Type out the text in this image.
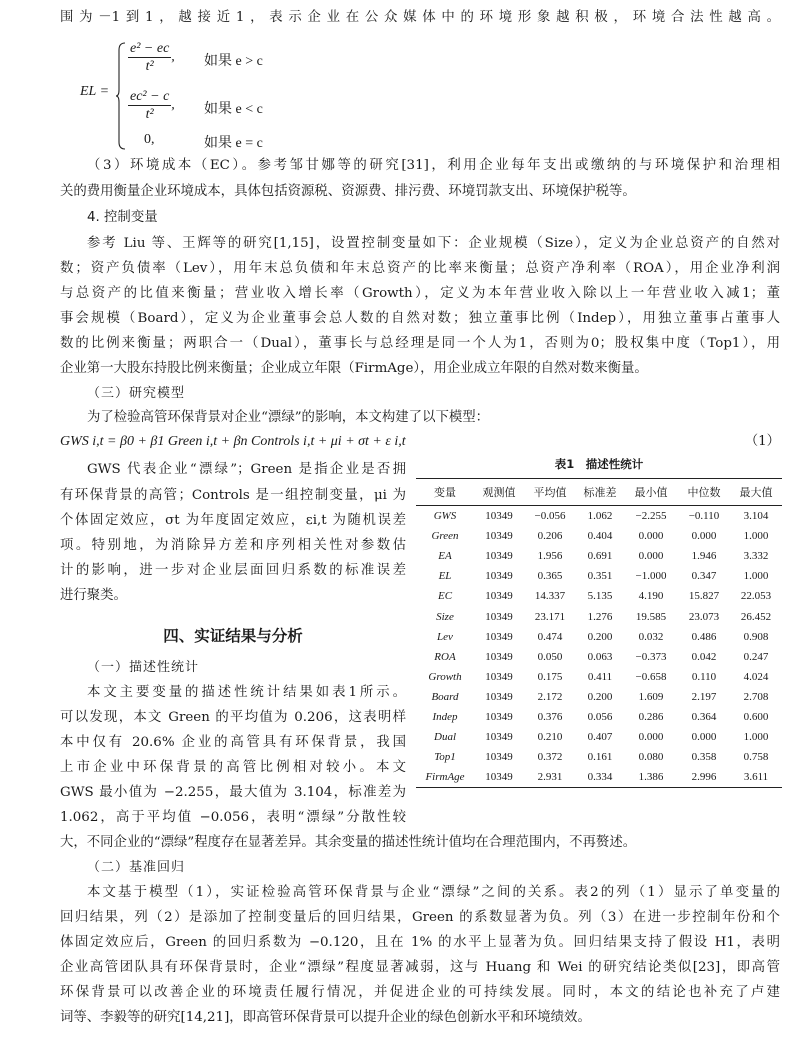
围为－1到1，越接近1，表示企业在公众媒体中的环境形象越积极，环境合法性越高。
EL =
$\frac{\text{e² − ec}}{\text{t²}}$ , 如果 e > c
$\frac{\text{ec² − c}}{\text{t²}}$ , 如果 e < c
0,	如果 e = c
（3）环境成本（EC）。参考邹甘娜等的研究[31]，利用企业每年支出或缴纳的与环境保护和治理相
关的费用衡量企业环境成本，具体包括资源税、资源费、排污费、环境罚款支出、环境保护税等。
4. 控制变量
参考 Liu 等、王辉等的研究[1,15]，设置控制变量如下：企业规模（Size），定义为企业总资产的自然对
数；资产负债率（Lev），用年末总负债和年末总资产的比率来衡量；总资产净利率（ROA），用企业净利润
与总资产的比值来衡量；营业收入增长率（Growth），定义为本年营业收入除以上一年营业收入减1；董
事会规模（Board），定义为企业董事会总人数的自然对数；独立董事比例（Indep），用独立董事占董事人
数的比例来衡量；两职合一（Dual），董事长与总经理是同一个人为1，否则为0；股权集中度（Top1），用
企业第一大股东持股比例来衡量；企业成立年限（FirmAge），用企业成立年限的自然对数来衡量。
（三）研究模型
为了检验高管环保背景对企业“漂绿”的影响，本文构建了以下模型：
GWS i,t = β0 + β1 Green i,t + βn Controls i,t + μi + σt + ε i,t	（1）
GWS 代表企业“漂绿”；Green 是指企业是否拥
有环保背景的高管；Controls 是一组控制变量，μi 为
个体固定效应，σt 为年度固定效应，εi,t 为随机误差
项。特别地，为消除异方差和序列相关性对参数估
计的影响，进一步对企业层面回归系数的标准误差
进行聚类。
四、实证结果与分析
（一）描述性统计
本文主要变量的描述性统计结果如表1所示。
可以发现，本文 Green 的平均值为 0.206，这表明样
本中仅有 20.6% 企业的高管具有环保背景，我国
上市企业中环保背景的高管比例相对较小。本文
GWS 最小值为 −2.255，最大值为 3.104，标准差为
1.062，高于平均值 −0.056，表明“漂绿”分散性较
大，不同企业的“漂绿”程度存在显著差异。其余变量的描述性统计值均在合理范围内，不再赘述。
表1　描述性统计
变量	观测值	平均值	标准差	最小值	中位数	最大值
GWS	10349	−0.056	1.062	−2.255	−0.110	3.104
Green	10349	0.206	0.404	0.000	0.000	1.000
EA	10349	1.956	0.691	0.000	1.946	3.332
EL	10349	0.365	0.351	−1.000	0.347	1.000
EC	10349	14.337	5.135	4.190	15.827	22.053
Size	10349	23.171	1.276	19.585	23.073	26.452
Lev	10349	0.474	0.200	0.032	0.486	0.908
ROA	10349	0.050	0.063	−0.373	0.042	0.247
Growth	10349	0.175	0.411	−0.658	0.110	4.024
Board	10349	2.172	0.200	1.609	2.197	2.708
Indep	10349	0.376	0.056	0.286	0.364	0.600
Dual	10349	0.210	0.407	0.000	0.000	1.000
Top1	10349	0.372	0.161	0.080	0.358	0.758
FirmAge	10349	2.931	0.334	1.386	2.996	3.611
（二）基准回归
本文基于模型（1），实证检验高管环保背景与企业“漂绿”之间的关系。表2的列（1）显示了单变量的
回归结果，列（2）是添加了控制变量后的回归结果，Green 的系数显著为负。列（3）在进一步控制年份和个
体固定效应后，Green 的回归系数为 −0.120，且在 1% 的水平上显著为负。回归结果支持了假设 H1，表明
企业高管团队具有环保背景时，企业“漂绿”程度显著减弱，这与 Huang 和 Wei 的研究结论类似[23]，即高管
环保背景可以改善企业的环境责任履行情况，并促进企业的可持续发展。同时，本文的结论也补充了卢建
词等、李毅等的研究[14,21]，即高管环保背景可以提升企业的绿色创新水平和环境绩效。
